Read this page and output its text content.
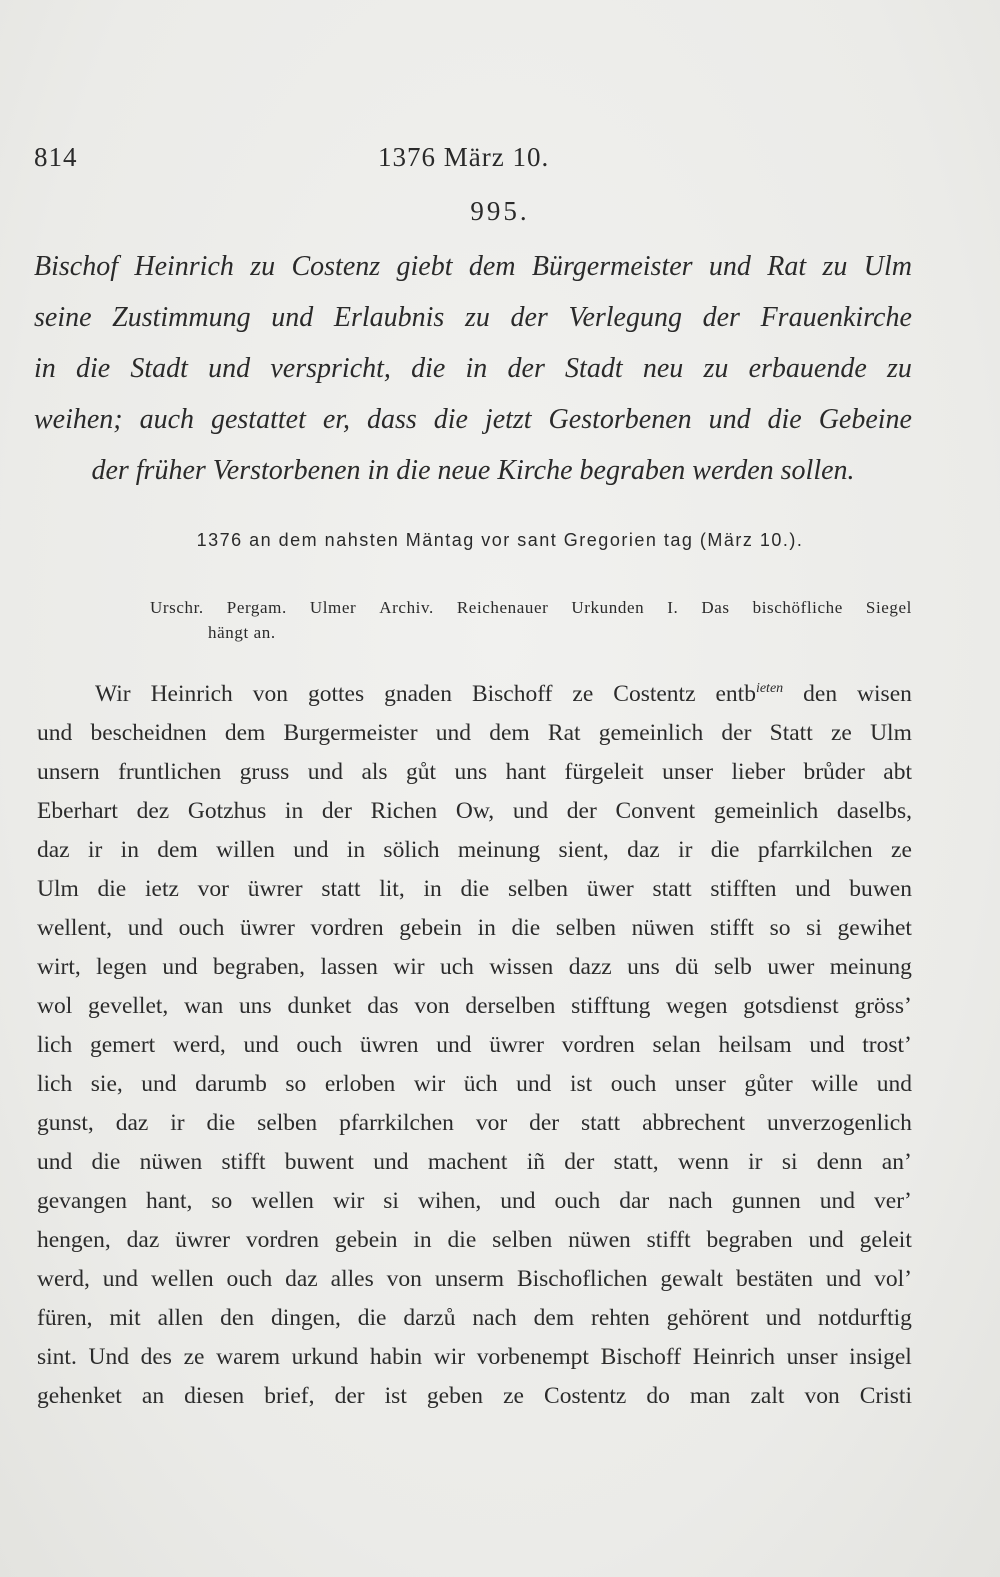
814	1376 März 10.
995.
Bischof Heinrich zu Costenz giebt dem Bürgermeister und Rat zu Ulm
seine Zustimmung und Erlaubnis zu der Verlegung der Frauenkirche
in die Stadt und verspricht, die in der Stadt neu zu erbauende zu
weihen; auch gestattet er, dass die jetzt Gestorbenen und die Gebeine
der früher Verstorbenen in die neue Kirche begraben werden sollen.
1376 an dem nahsten Mäntag vor sant Gregorien tag (März 10.).
Urschr. Pergam. Ulmer Archiv. Reichenauer Urkunden I. Das bischöfliche Siegel
hängt an.
Wir Heinrich von gottes gnaden Bischoff ze Costentz entb$^{ieten}$ den wisen
und bescheidnen dem Burgermeister und dem Rat gemeinlich der Statt ze Ulm
unsern fruntlichen gruss und als gůt uns hant fürgeleit unser lieber brůder abt
Eberhart dez Gotzhus in der Richen Ow, und der Convent gemeinlich daselbs,
daz ir in dem willen und in sölich meinung sient, daz ir die pfarrkilchen ze
Ulm die ietz vor üwrer statt lit, in die selben üwer statt stifften und buwen
wellent, und ouch üwrer vordren gebein in die selben nüwen stifft so si gewihet
wirt, legen und begraben, lassen wir uch wissen dazz uns dü selb uwer meinung
wol gevellet, wan uns dunket das von derselben stifftung wegen gotsdienst grössʼ
lich gemert werd, und ouch üwren und üwrer vordren selan heilsam und trostʼ
lich sie, und darumb so erloben wir üch und ist ouch unser gůter wille und
gunst, daz ir die selben pfarrkilchen vor der statt abbrechent unverzogenlich
und die nüwen stifft buwent und machent iñ der statt, wenn ir si denn anʼ
gevangen hant, so wellen wir si wihen, und ouch dar nach gunnen und verʼ
hengen, daz üwrer vordren gebein in die selben nüwen stifft begraben und geleit
werd, und wellen ouch daz alles von unserm Bischoflichen gewalt bestäten und volʼ
füren, mit allen den dingen, die darzů nach dem rehten gehörent und notdurftig
sint. Und des ze warem urkund habin wir vorbenempt Bischoff Heinrich unser insigel
gehenket an diesen brief, der ist geben ze Costentz do man zalt von Cristi
